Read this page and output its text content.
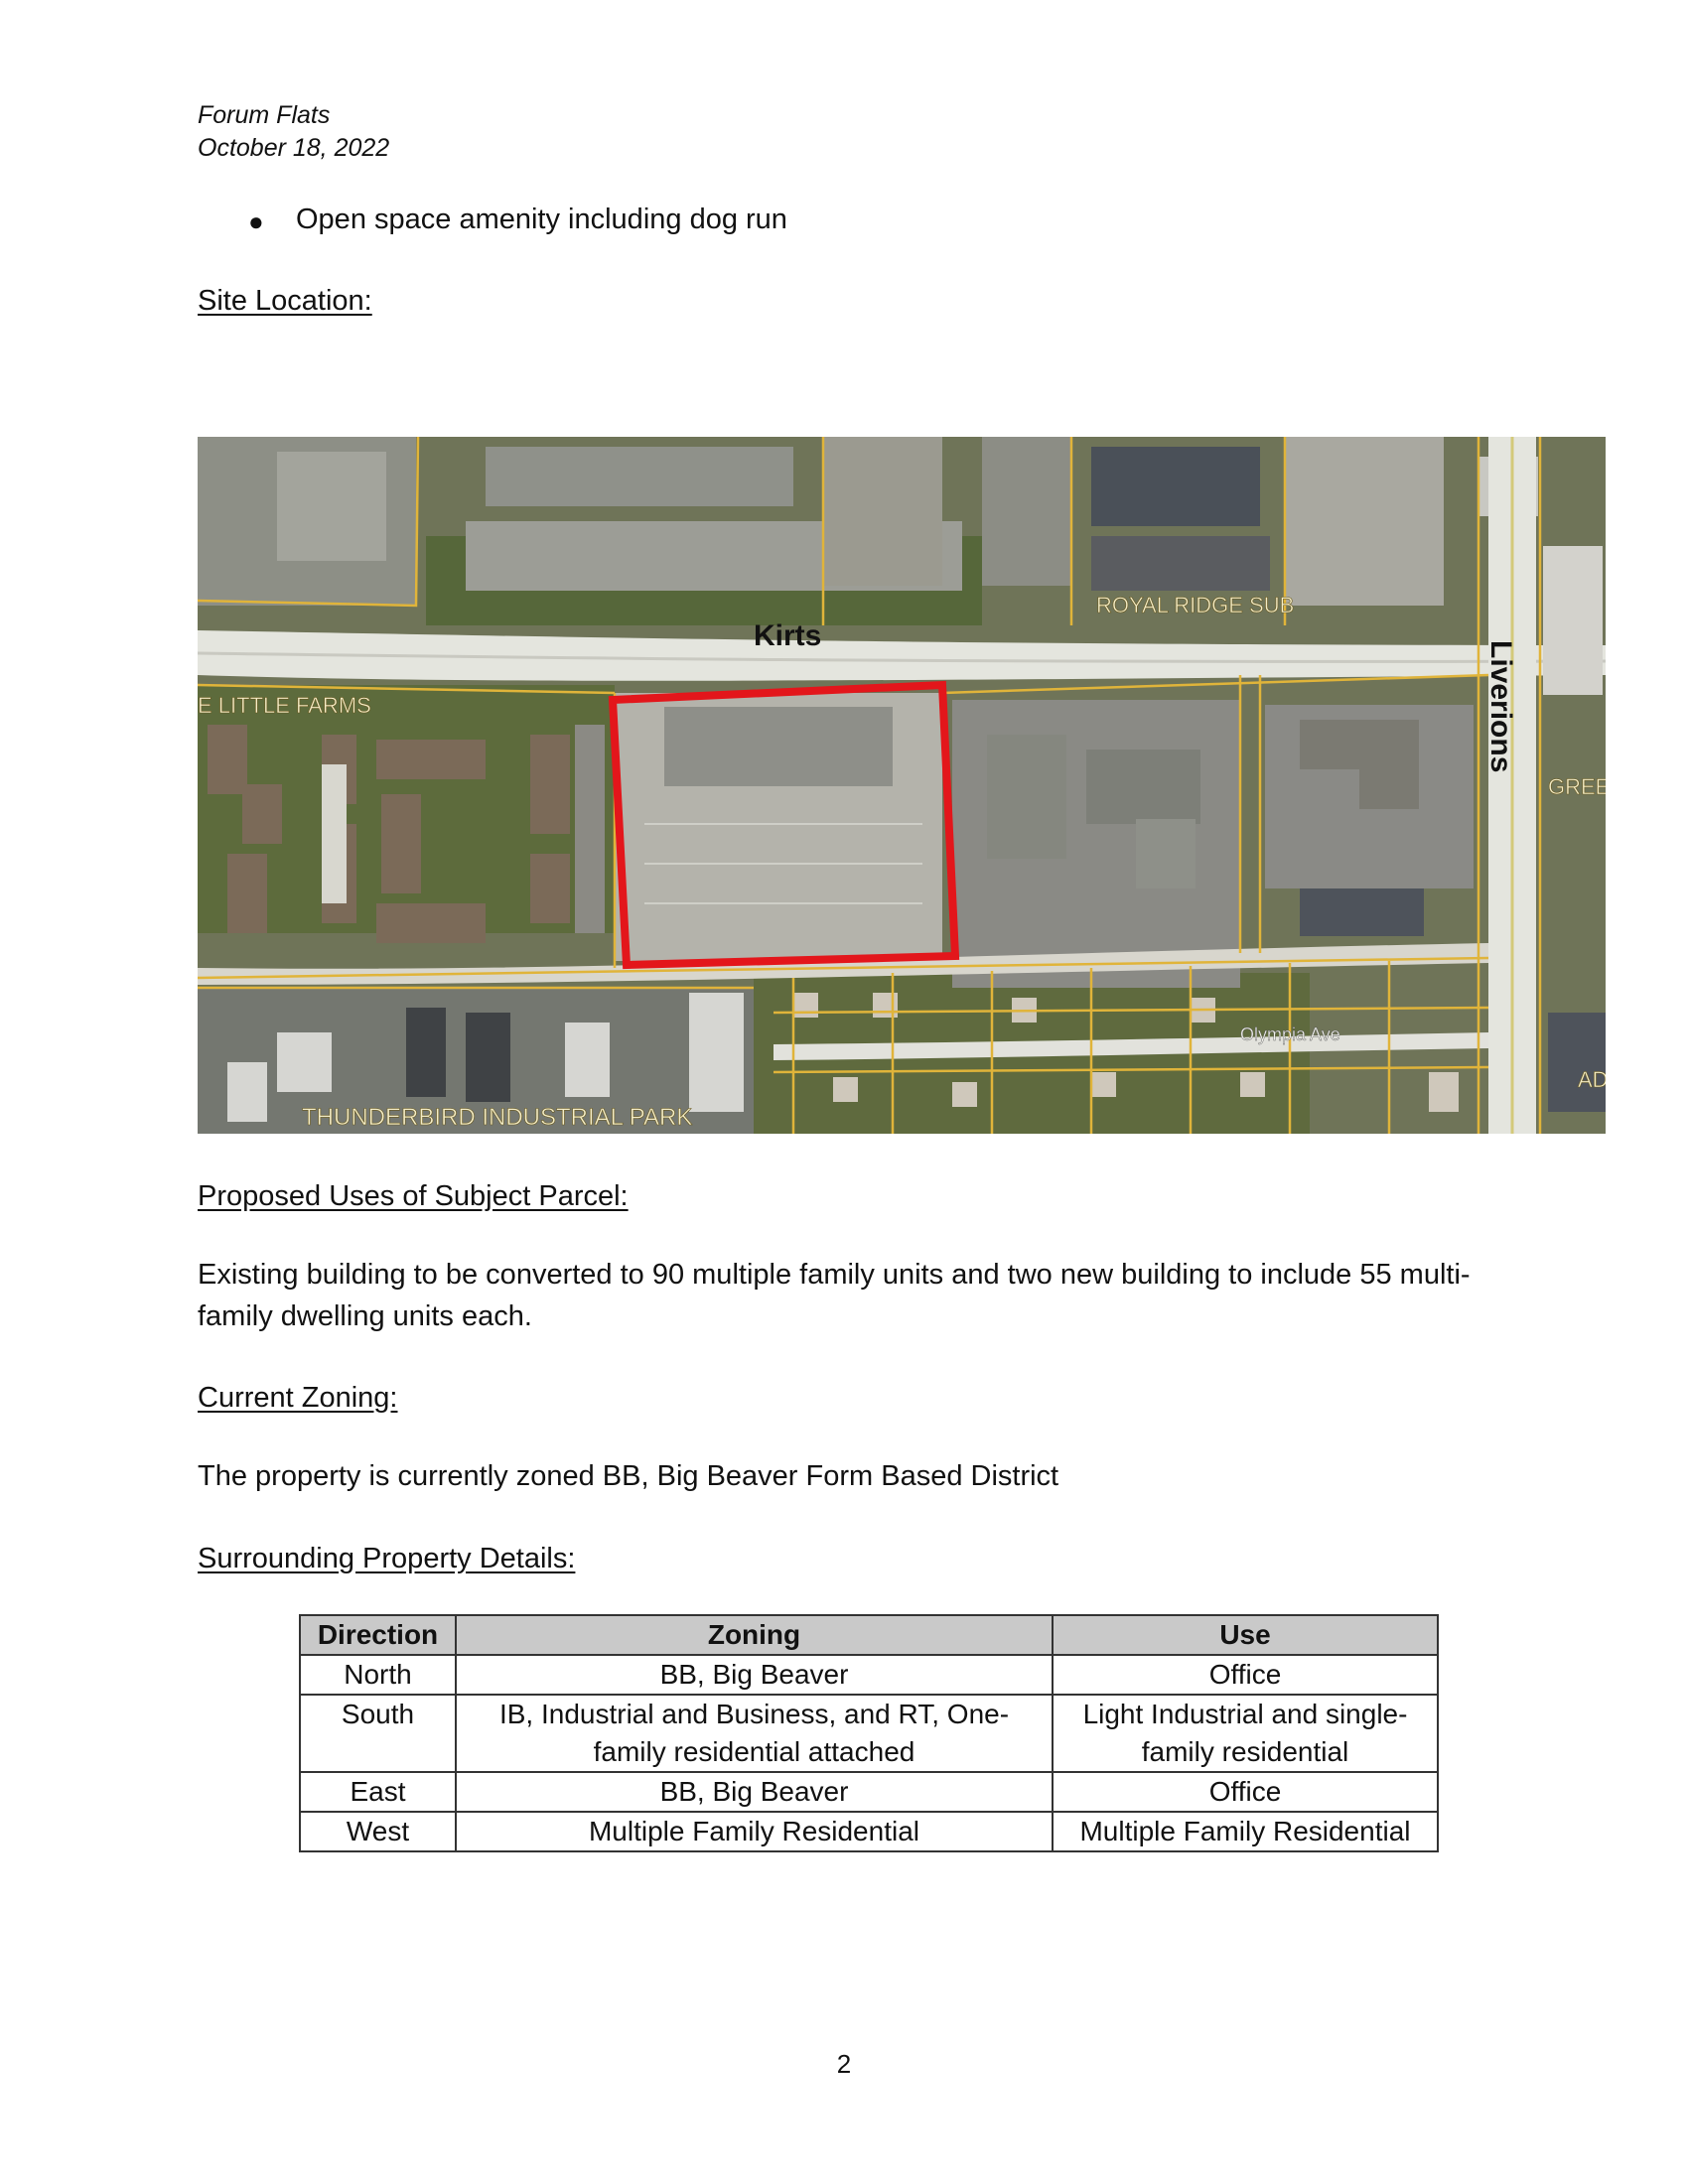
Forum Flats
October 18, 2022
● Open space amenity including dog run
Site Location:
Kirts
Liverions
ROYAL RIDGE SUB
E LITTLE FARMS
THUNDERBIRD INDUSTRIAL PARK
Olympia Ave
GREE
AD
Proposed Uses of Subject Parcel:
Existing building to be converted to 90 multiple family units and two new building to include 55 multi-family dwelling units each.
Current Zoning:
The property is currently zoned BB, Big Beaver Form Based District
Surrounding Property Details:
Direction	Zoning	Use
North	BB, Big Beaver	Office
South	IB, Industrial and Business, and RT, One-family residential attached	Light Industrial and single-family residential
East	BB, Big Beaver	Office
West	Multiple Family Residential	Multiple Family Residential
2
